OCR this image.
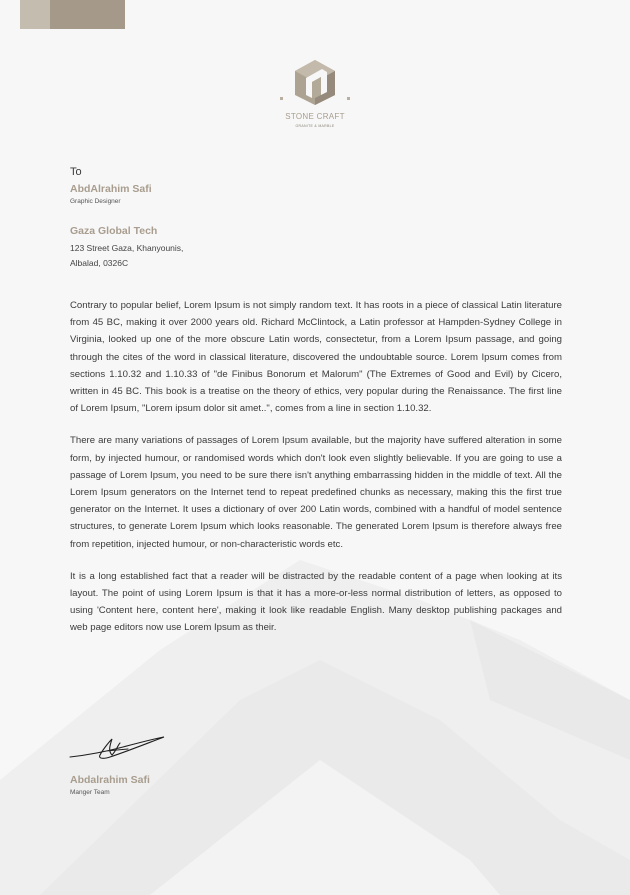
STONE CRAFT
GRANITE & MARBLE

To

AbdAlrahim Safi

Graphic Designer

Gaza Global Tech

123 Street Gaza, Khanyounis,

Albalad, 0326C

Contrary to popular belief, Lorem Ipsum is not simply random text. It has roots in a piece of classical Latin literature from 45 BC, making it over 2000 years old. Richard McClintock, a Latin professor at Hampden-Sydney College in Virginia, looked up one of the more obscure Latin words, consectetur, from a Lorem Ipsum passage, and going through the cites of the word in classical literature, discovered the undoubtable source. Lorem Ipsum comes from sections 1.10.32 and 1.10.33 of "de Finibus Bonorum et Malorum" (The Extremes of Good and Evil) by Cicero, written in 45 BC. This book is a treatise on the theory of ethics, very popular during the Renaissance. The first line of Lorem Ipsum, "Lorem ipsum dolor sit amet..", comes from a line in section 1.10.32.

There are many variations of passages of Lorem Ipsum available, but the majority have suffered alteration in some form, by injected humour, or randomised words which don't look even slightly believable. If you are going to use a passage of Lorem Ipsum, you need to be sure there isn't anything embarrassing hidden in the middle of text. All the Lorem Ipsum generators on the Internet tend to repeat predefined chunks as necessary, making this the first true generator on the Internet. It uses a dictionary of over 200 Latin words, combined with a handful of model sentence structures, to generate Lorem Ipsum which looks reasonable. The generated Lorem Ipsum is therefore always free from repetition, injected humour, or non-characteristic words etc.

It is a long established fact that a reader will be distracted by the readable content of a page when looking at its layout. The point of using Lorem Ipsum is that it has a more-or-less normal distribution of letters, as opposed to using 'Content here, content here', making it look like readable English. Many desktop publishing packages and web page editors now use Lorem Ipsum as their.

Abdalrahim Safi

Manger Team
